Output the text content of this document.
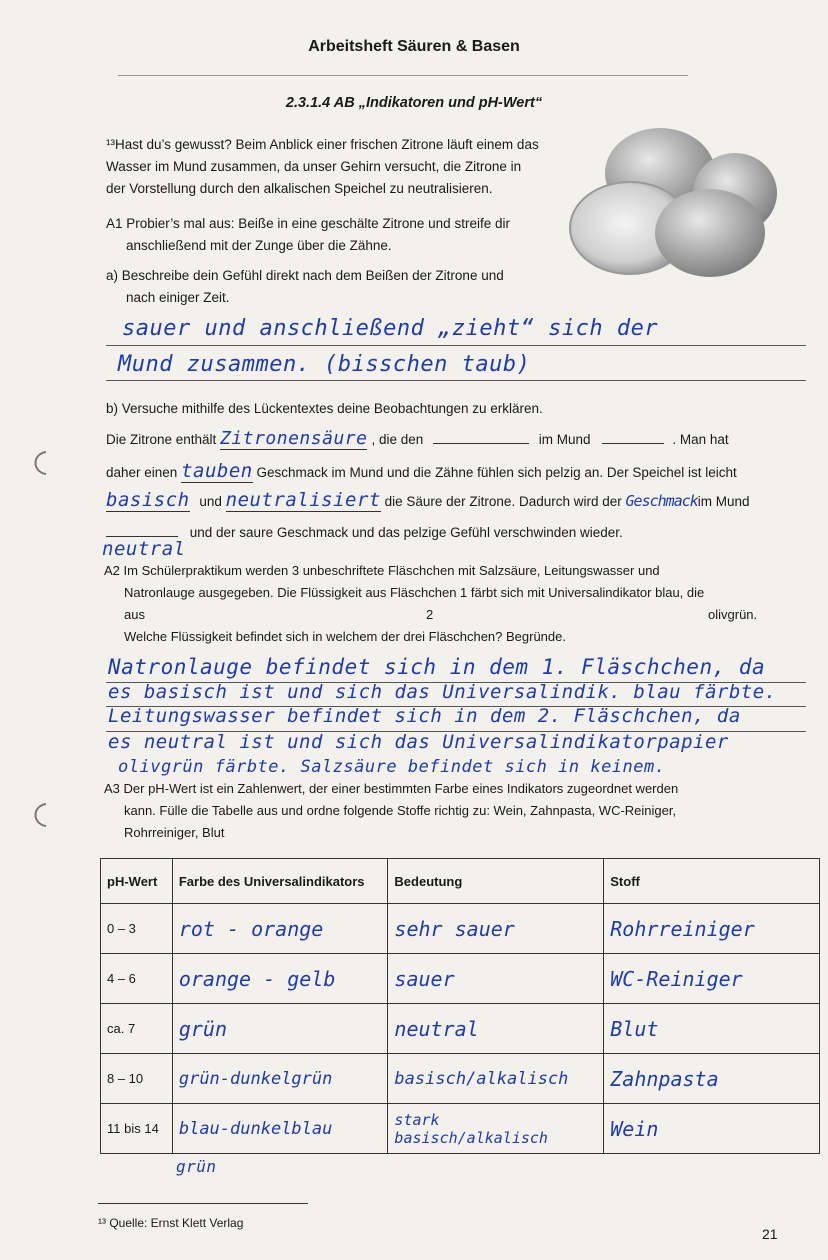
Arbeitsheft Säuren & Basen
2.3.1.4 AB „Indikatoren und pH-Wert“
¹³Hast du’s gewusst? Beim Anblick einer frischen Zitrone läuft einem das
Wasser im Mund zusammen, da unser Gehirn versucht, die Zitrone in
der Vorstellung durch den alkalischen Speichel zu neutralisieren.
A1 Probier’s mal aus: Beiße in eine geschälte Zitrone und streife dir
anschließend mit der Zunge über die Zähne.
a) Beschreibe dein Gefühl direkt nach dem Beißen der Zitrone und
nach einiger Zeit.
sauer und anschließend „zieht“ sich der
Mund zusammen. (bisschen taub)
b) Versuche mithilfe des Lückentextes deine Beobachtungen zu erklären.
Die Zitrone enthält Zitronensäure , die den	im Mund	. Man hat
daher einen tauben Geschmack im Mund und die Zähne fühlen sich pelzig an. Der Speichel ist leicht
basisch und neutralisiert die Säure der Zitrone. Dadurch wird der Geschmackim Mund
und der saure Geschmack und das pelzige Gefühl verschwinden wieder.
neutral
A2 Im Schülerpraktikum werden 3 unbeschriftete Fläschchen mit Salzsäure, Leitungswasser und
Natronlauge ausgegeben. Die Flüssigkeit aus Fläschchen 1 färbt sich mit Universalindikator blau, die
aus	2	olivgrün.
Welche Flüssigkeit befindet sich in welchem der drei Fläschchen? Begründe.
Natronlauge befindet sich in dem 1. Fläschchen, da
es basisch ist und sich das Universalindik. blau färbte.
Leitungswasser befindet sich in dem 2. Fläschchen, da
es neutral ist und sich das Universalindikatorpapier
olivgrün färbte. Salzsäure befindet sich in keinem.
A3 Der pH-Wert ist ein Zahlenwert, der einer bestimmten Farbe eines Indikators zugeordnet werden
kann. Fülle die Tabelle aus und ordne folgende Stoffe richtig zu: Wein, Zahnpasta, WC-Reiniger,
Rohrreiniger, Blut
pH-Wert	Farbe des Universalindikators	Bedeutung	Stoff
0 – 3	rot - orange	sehr sauer	Rohrreiniger
4 – 6	orange - gelb	sauer	WC-Reiniger
ca. 7	grün	neutral	Blut
8 – 10	grün-dunkelgrün	basisch/alkalisch	Zahnpasta
11 bis 14	blau-dunkelblau	stark basisch/alkalisch	Wein
grün
¹³ Quelle: Ernst Klett Verlag
21
